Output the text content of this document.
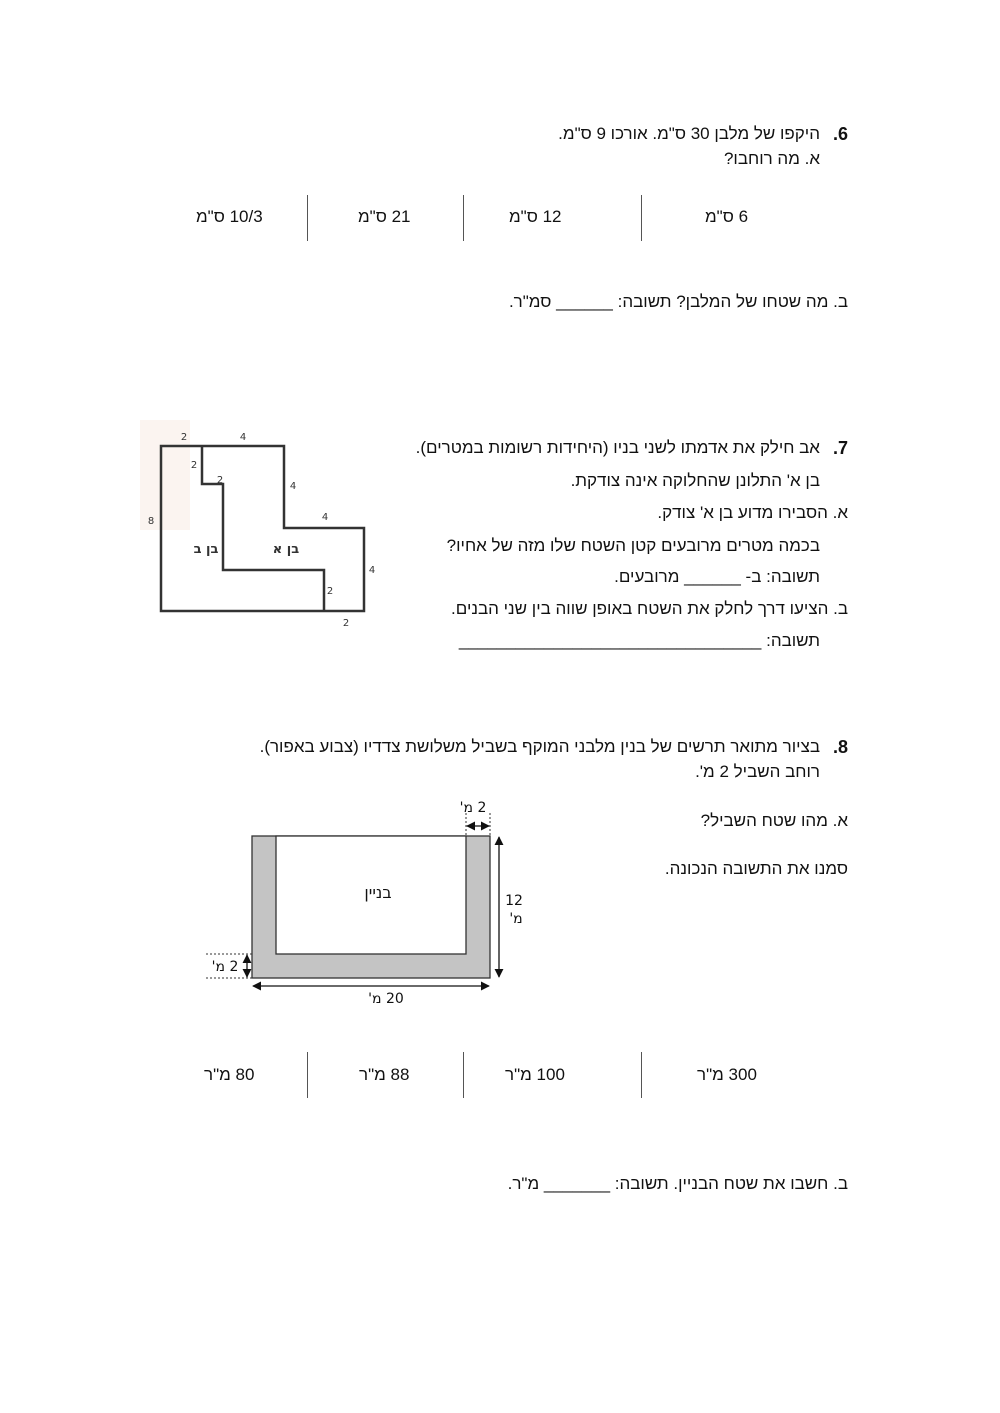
6.
היקפו של מלבן 30 ס"מ. אורכו 9 ס"מ.
א. מה רוחבו?
6 ס"מ
12 ס"מ
21 ס"מ
10/3 ס"מ
ב. מה שטחו של המלבן? תשובה: ______ סמ"ר.
7.
אב חילק את אדמתו לשני בניו (היחידות רשומות במטרים).
בן א' התלונן שהחלוקה אינה צודקת.
א. הסבירו מדוע בן א' צודק.
בכמה מטרים מרובעים קטן השטח שלו מזה של אחיו?
תשובה: ב- ______ מרובעים.
ב. הציעו דרך לחלק את השטח באופן שווה בין שני הבנים.
תשובה: ________________________________
2	4
2
2
4
4
8
4
2
2
בן א
בן ב
8.
בציור מתואר תרשים של בנין מלבני המוקף בשביל משלושת צדדיו (צבוע באפור).
רוחב השביל 2 מ'.
א. מהו שטח השביל?
סמנו את התשובה הנכונה.
בניין
2 מ'
12
מ'
2 מ'
20 מ'
300 מ"ר
100 מ"ר
88 מ"ר
80 מ"ר
ב. חשבו את שטח הבניין. תשובה: _______ מ"ר.
